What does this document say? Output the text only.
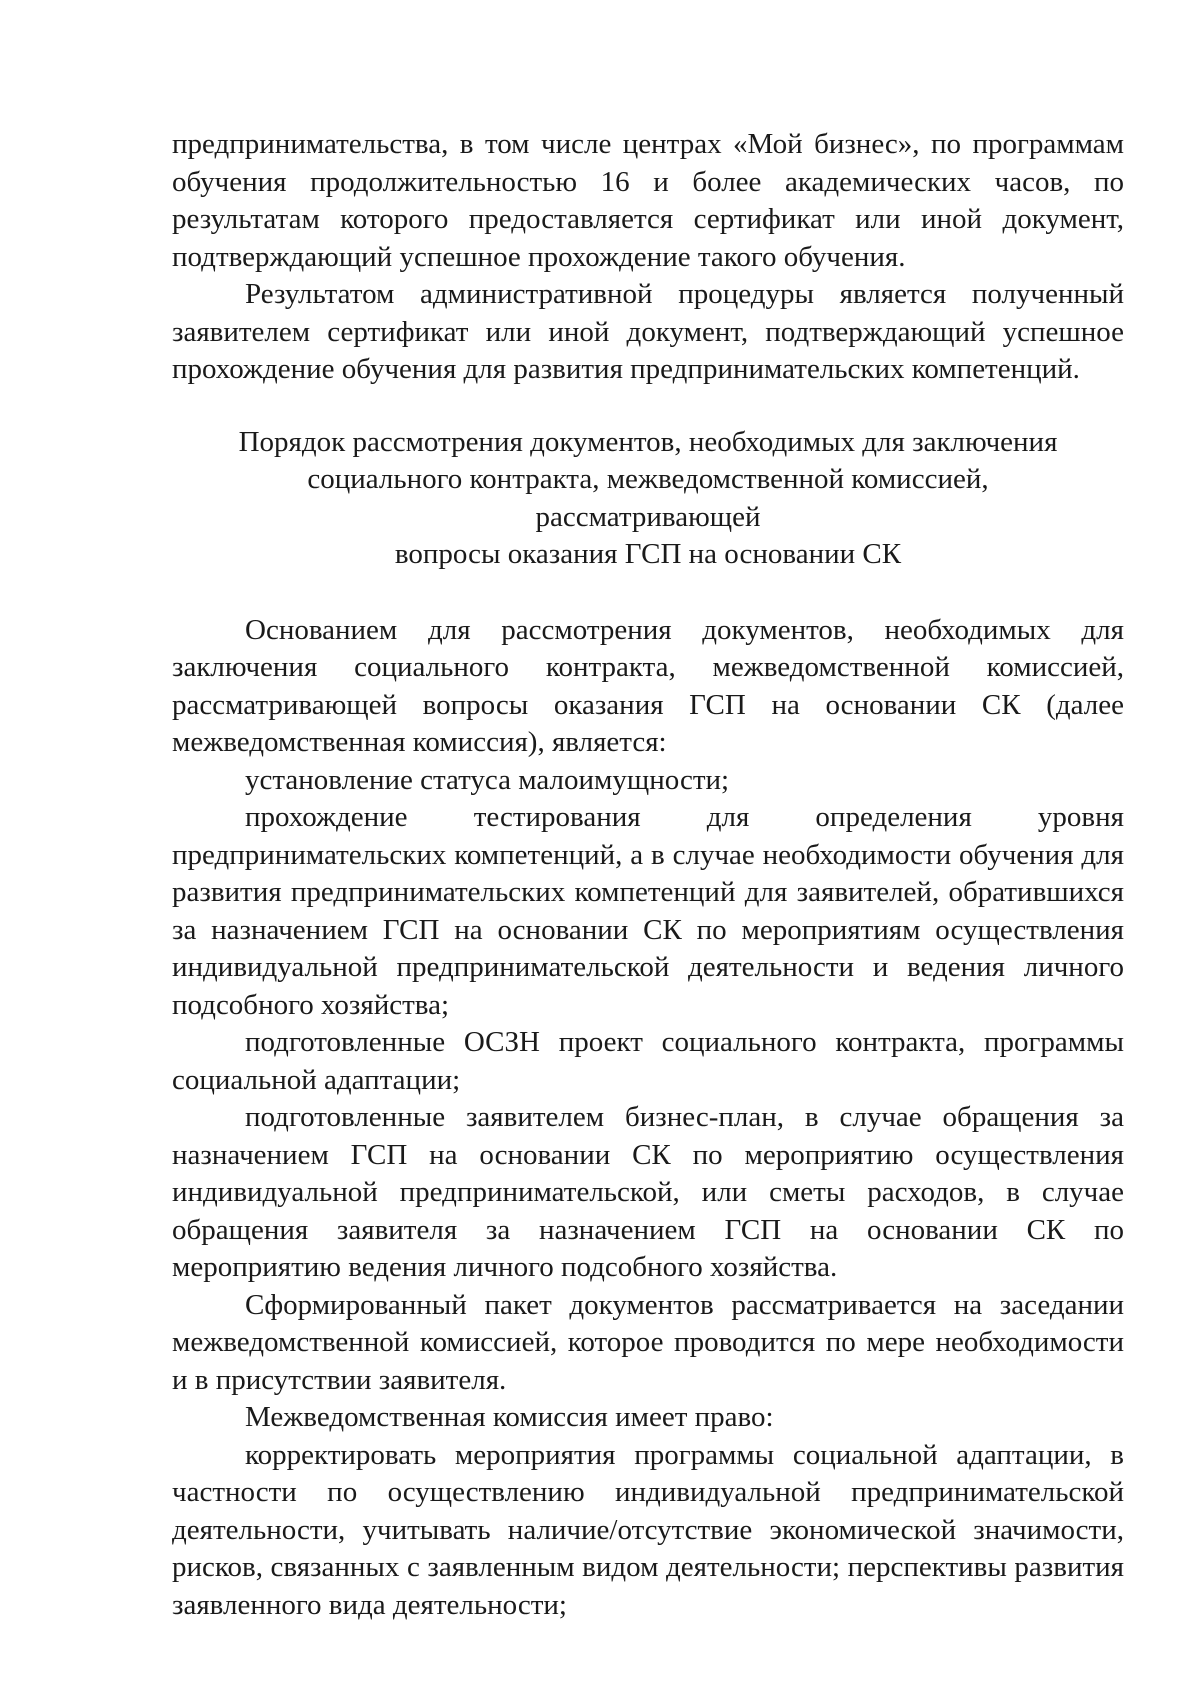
предпринимательства, в том числе центрах «Мой бизнес», по программам обучения продолжительностью 16 и более академических часов, по результатам которого предоставляется сертификат или иной документ, подтверждающий успешное прохождение такого обучения.

Результатом административной процедуры является полученный заявителем сертификат или иной документ, подтверждающий успешное прохождение обучения для развития предпринимательских компетенций.

Порядок рассмотрения документов, необходимых для заключения
социального контракта, межведомственной комиссией, рассматривающей
вопросы оказания ГСП на основании СК

Основанием для рассмотрения документов, необходимых для заключения социального контракта, межведомственной комиссией, рассматривающей вопросы оказания ГСП на основании СК (далее межведомственная комиссия), является:

установление статуса малоимущности;

прохождение тестирования для определения уровня предпринимательских компетенций, а в случае необходимости обучения для развития предпринимательских компетенций для заявителей, обратившихся за назначением ГСП на основании СК по мероприятиям осуществления индивидуальной предпринимательской деятельности и ведения личного подсобного хозяйства;

подготовленные ОСЗН проект социального контракта, программы социальной адаптации;

подготовленные заявителем бизнес-план, в случае обращения за назначением ГСП на основании СК по мероприятию осуществления индивидуальной предпринимательской, или сметы расходов, в случае обращения заявителя за назначением ГСП на основании СК по мероприятию ведения личного подсобного хозяйства.

Сформированный пакет документов рассматривается на заседании межведомственной комиссией, которое проводится по мере необходимости и в присутствии заявителя.

Межведомственная комиссия имеет право:

корректировать мероприятия программы социальной адаптации, в частности по осуществлению индивидуальной предпринимательской деятельности, учитывать наличие/отсутствие экономической значимости, рисков, связанных с заявленным видом деятельности; перспективы развития заявленного вида деятельности;
